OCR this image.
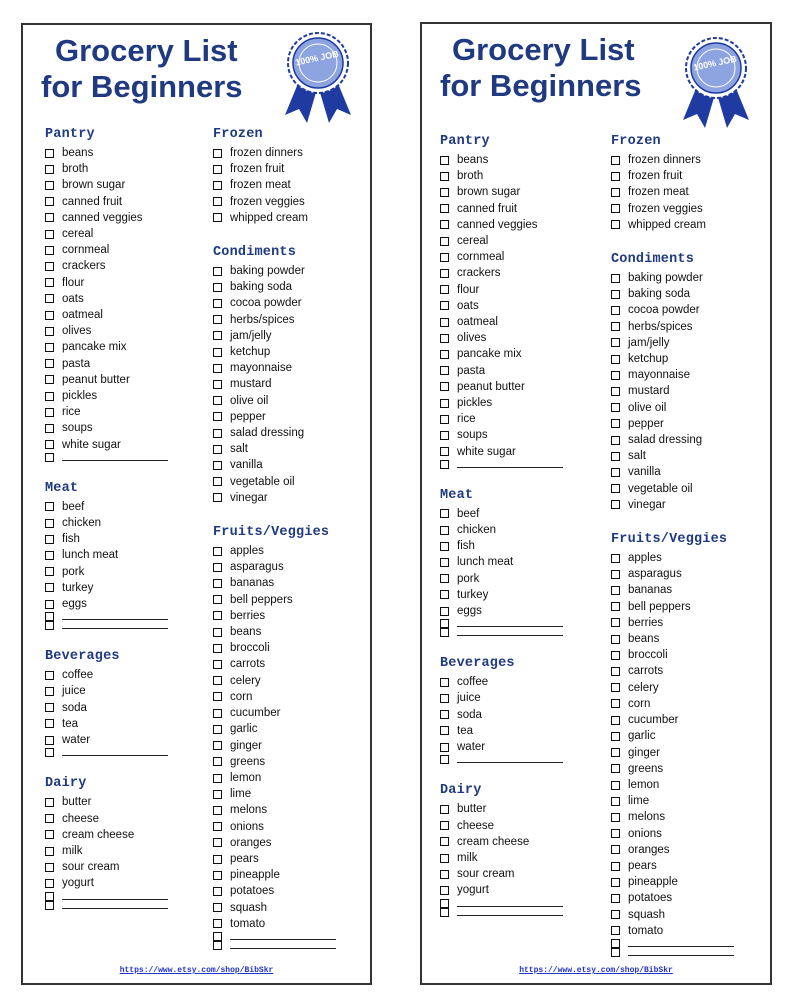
Grocery List
for Beginners
100% JOB
Pantry
beans
broth
brown sugar
canned fruit
canned veggies
cereal
cornmeal
crackers
flour
oats
oatmeal
olives
pancake mix
pasta
peanut butter
pickles
rice
soups
white sugar
Meat
beef
chicken
fish
lunch meat
pork
turkey
eggs
Beverages
coffee
juice
soda
tea
water
Dairy
butter
cheese
cream cheese
milk
sour cream
yogurt
Frozen
frozen dinners
frozen fruit
frozen meat
frozen veggies
whipped cream
Condiments
baking powder
baking soda
cocoa powder
herbs/spices
jam/jelly
ketchup
mayonnaise
mustard
olive oil
pepper
salad dressing
salt
vanilla
vegetable oil
vinegar
Fruits/Veggies
apples
asparagus
bananas
bell peppers
berries
beans
broccoli
carrots
celery
corn
cucumber
garlic
ginger
greens
lemon
lime
melons
onions
oranges
pears
pineapple
potatoes
squash
tomato
https://www.etsy.com/shop/BibSkr
Grocery List
for Beginners
100% JOB
Pantry
beans
broth
brown sugar
canned fruit
canned veggies
cereal
cornmeal
crackers
flour
oats
oatmeal
olives
pancake mix
pasta
peanut butter
pickles
rice
soups
white sugar
Meat
beef
chicken
fish
lunch meat
pork
turkey
eggs
Beverages
coffee
juice
soda
tea
water
Dairy
butter
cheese
cream cheese
milk
sour cream
yogurt
Frozen
frozen dinners
frozen fruit
frozen meat
frozen veggies
whipped cream
Condiments
baking powder
baking soda
cocoa powder
herbs/spices
jam/jelly
ketchup
mayonnaise
mustard
olive oil
pepper
salad dressing
salt
vanilla
vegetable oil
vinegar
Fruits/Veggies
apples
asparagus
bananas
bell peppers
berries
beans
broccoli
carrots
celery
corn
cucumber
garlic
ginger
greens
lemon
lime
melons
onions
oranges
pears
pineapple
potatoes
squash
tomato
https://www.etsy.com/shop/BibSkr
